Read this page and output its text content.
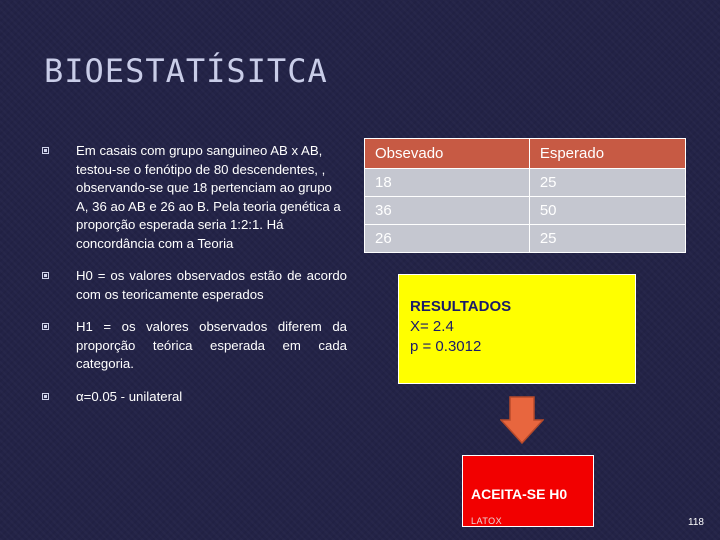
BIOESTATÍSITCA
Em casais com grupo sanguineo AB x AB, testou-se o fenótipo de 80 descendentes, , observando-se que 18 pertenciam ao grupo A, 36 ao AB e 26 ao B. Pela teoria genética a proporção esperada seria 1:2:1. Há concordância com a Teoria
H0 = os valores observados estão de acordo com os teoricamente esperados
H1 = os valores observados diferem da proporção teórica esperada em cada categoria.
α=0.05 - unilateral
Obsevado	Esperado
18	25
36	50
26	25
RESULTADOS
X= 2.4
p = 0.3012
ACEITA-SE H0
LATOX	118
